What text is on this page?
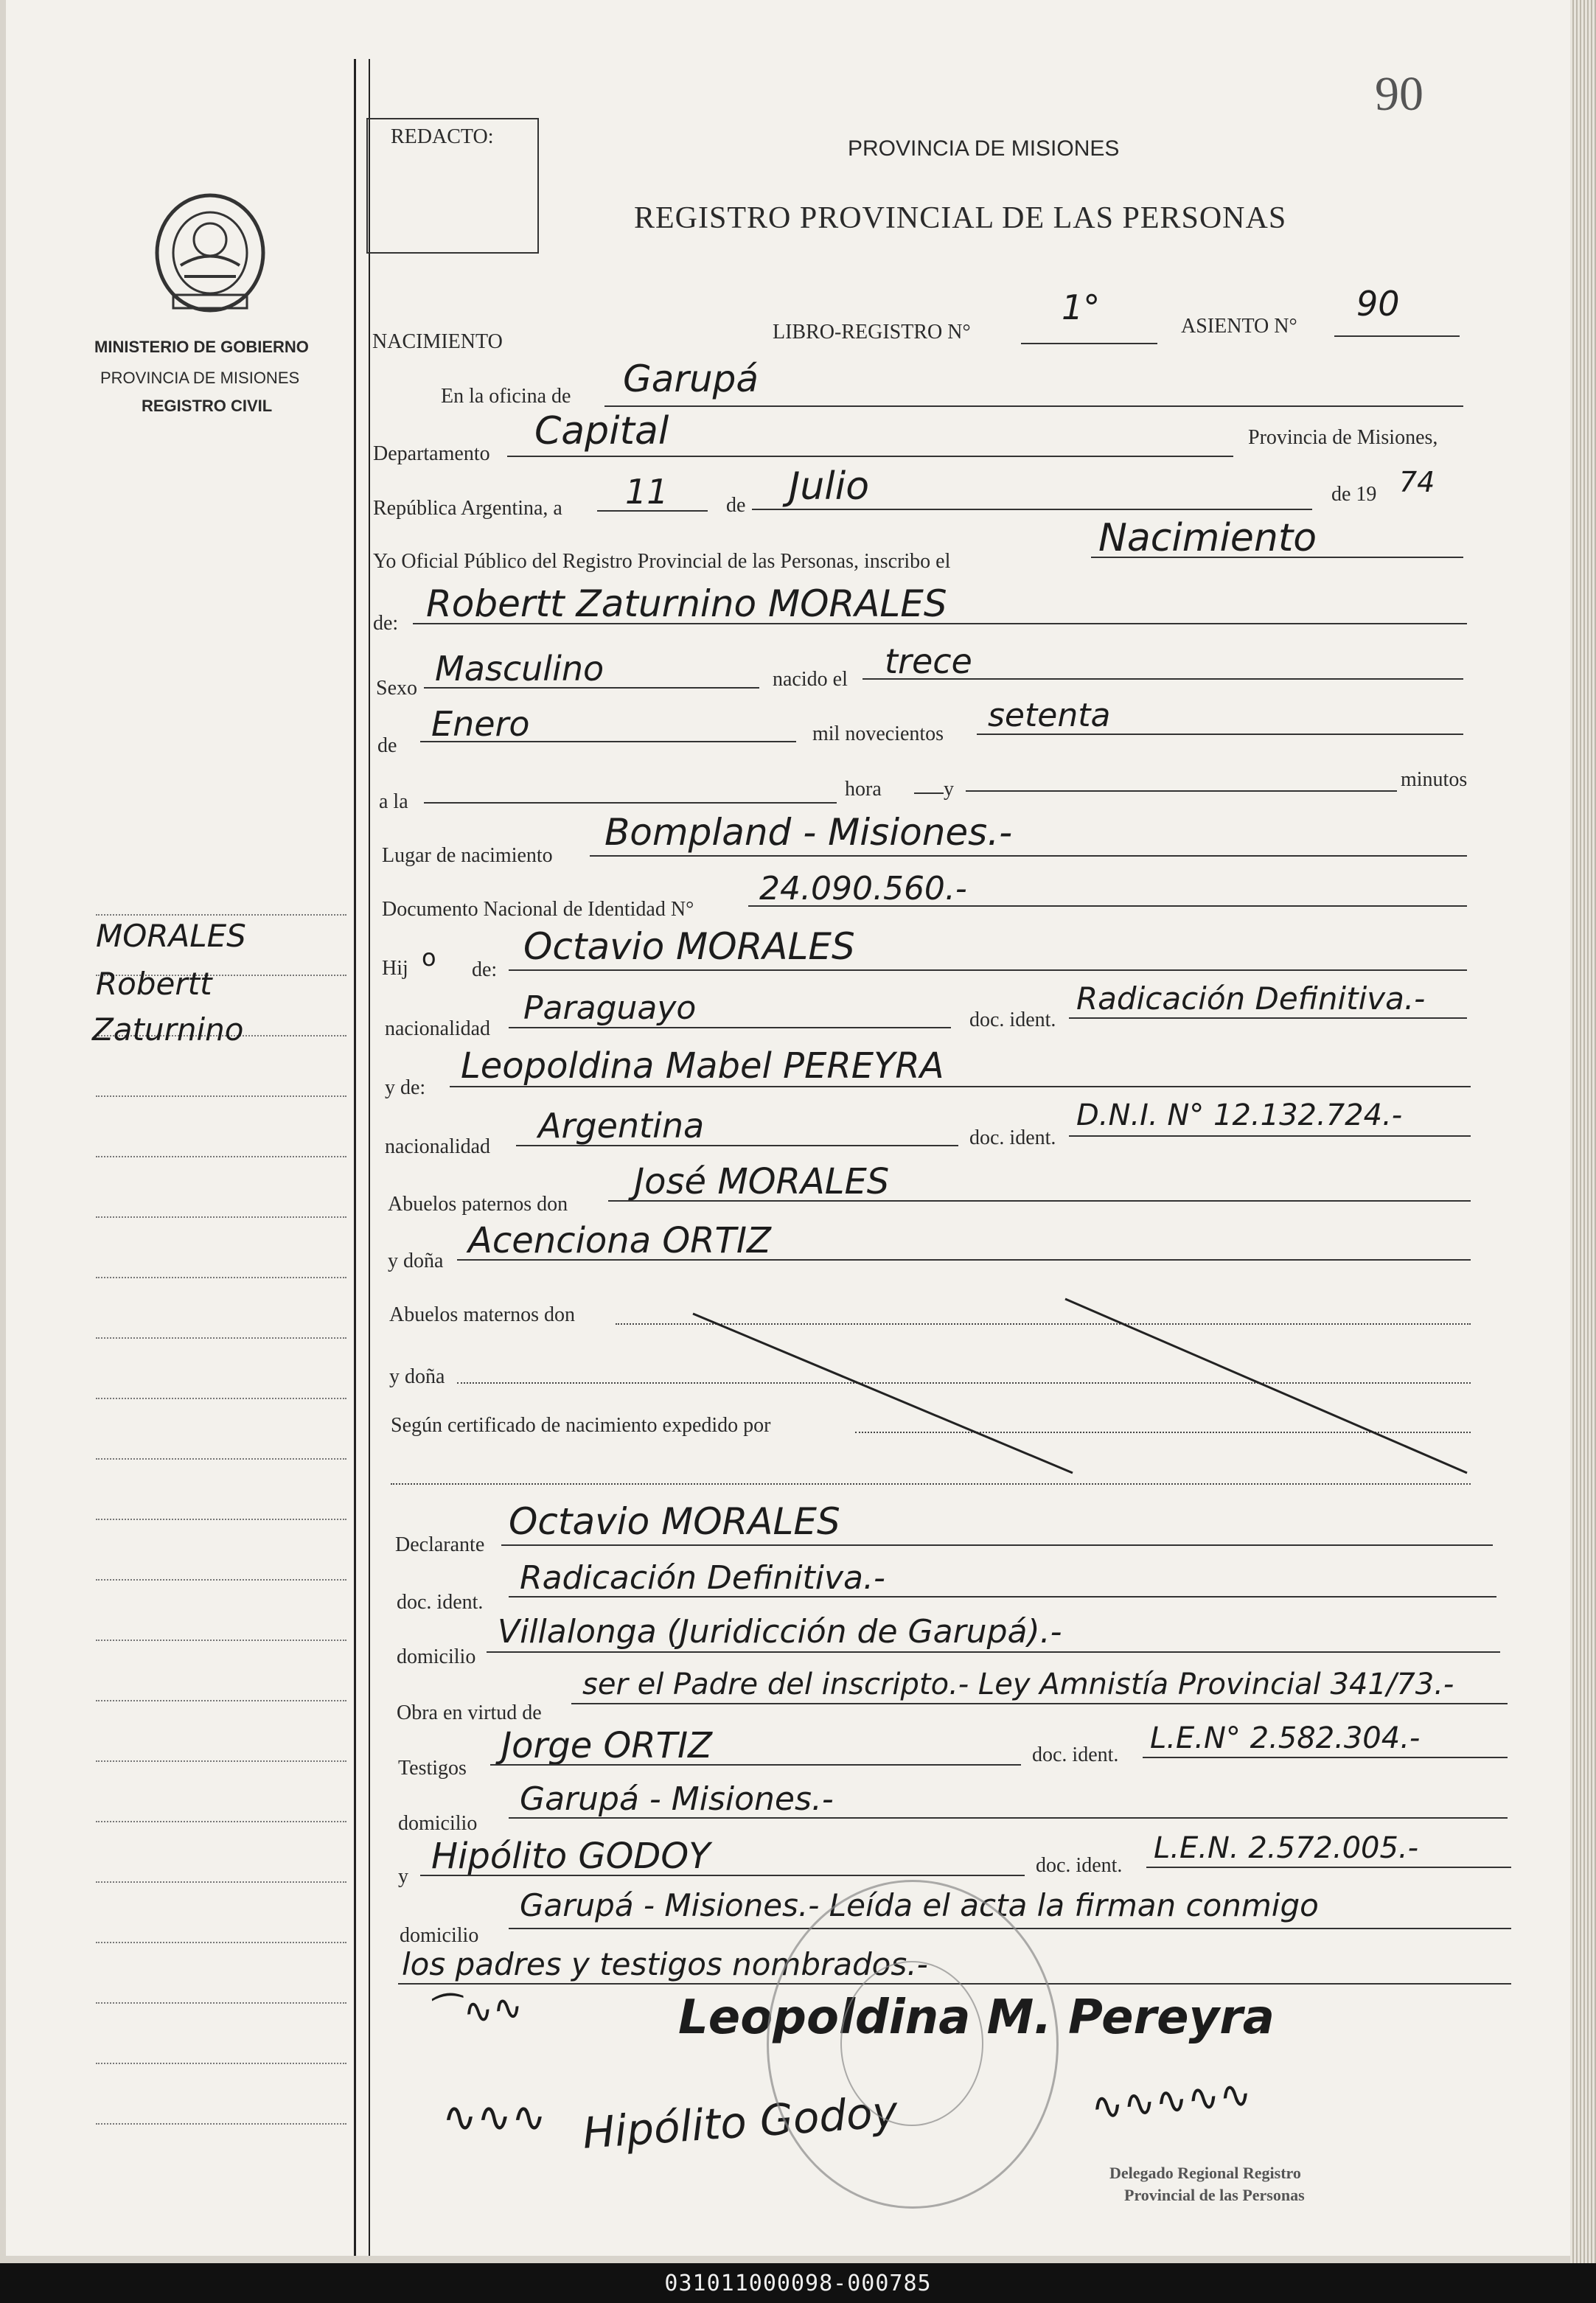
90
REDACTO:	PROVINCIA DE MISIONES
REGISTRO PROVINCIAL DE LAS PERSONAS
MINISTERIO DE GOBIERNO
PROVINCIA DE MISIONES
REGISTRO CIVIL
MORALES
Robertt
Zaturnino
NACIMIENTO	LIBRO-REGISTRO N°
1°	ASIENTO N°
90
En la oficina de Garupá
Departamento
Capital	Provincia de Misiones,
República Argentina, a 11	de Julio	de 19 74
Yo Oficial Público del Registro Provincial de las Personas, inscribo el
Nacimiento
de: Robertt Zaturnino MORALES
Sexo Masculino	nacido el trece
de
Enero	mil novecientos setenta
a la
hora	y	minutos
Lugar de nacimiento
Bompland - Misiones.-
Documento Nacional de Identidad N°
24.090.560.-
Hij o de:
Octavio MORALES
nacionalidad
Paraguayo	doc. ident.
Radicación Definitiva.-
y de:
Leopoldina Mabel PEREYRA
nacionalidad
Argentina	doc. ident.
D.N.I. N° 12.132.724.-
Abuelos paternos don
José MORALES
y doña Acenciona ORTIZ
Abuelos maternos don
y doña
Según certificado de nacimiento expedido por
Declarante
Octavio MORALES
doc. ident.
Radicación Definitiva.-
domicilio
Villalonga (Juridicción de Garupá).-
Obra en virtud de
ser el Padre del inscripto.- Ley Amnistía Provincial 341/73.-
Testigos
Jorge ORTIZ	doc. ident. L.E.N° 2.582.304.-
domicilio
Garupá - Misiones.-
y Hipólito GODOY	doc. ident.
L.E.N. 2.572.005.-
domicilio
Garupá - Misiones.- Leída el acta la firman conmigo
los padres y testigos nombrados.-
⁀∿∿	Leopoldina M. Pereyra
∿∿∿ Hipólito Godoy	∿∿∿∿∿
Delegado Regional Registro
Provincial de las Personas
031011000098-000785
